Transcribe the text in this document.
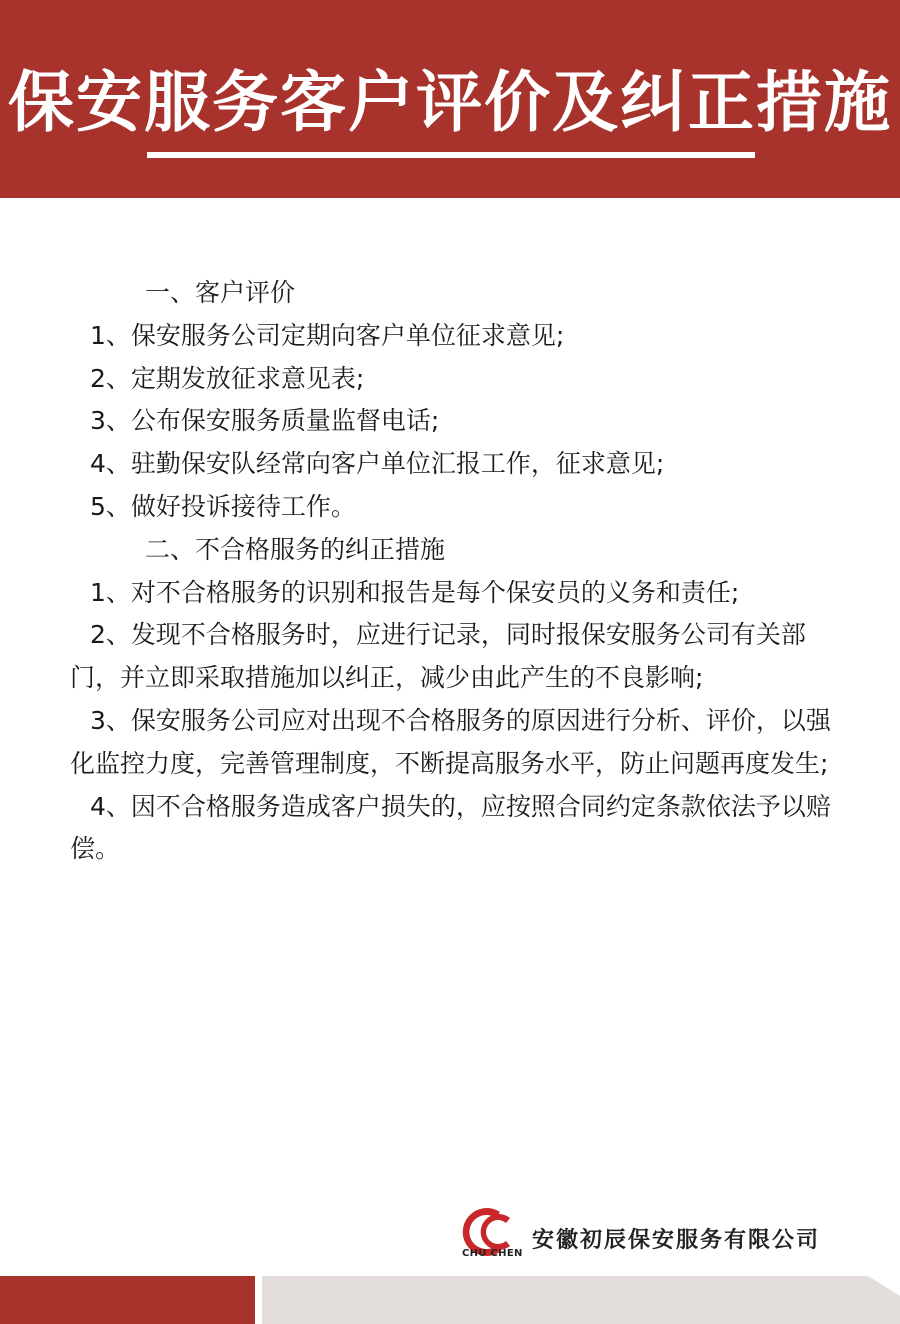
保安服务客户评价及纠正措施

一、客户评价

1、保安服务公司定期向客户单位征求意见;

2、定期发放征求意见表;

3、公布保安服务质量监督电话;

4、驻勤保安队经常向客户单位汇报工作，征求意见;

5、做好投诉接待工作。

二、不合格服务的纠正措施

1、对不合格服务的识别和报告是每个保安员的义务和责任;

2、发现不合格服务时，应进行记录，同时报保安服务公司有关部门，并立即采取措施加以纠正，减少由此产生的不良影响;

3、保安服务公司应对出现不合格服务的原因进行分析、评价，以强化监控力度，完善管理制度，不断提高服务水平，防止问题再度发生;

4、因不合格服务造成客户损失的，应按照合同约定条款依法予以赔偿。

CHU CHEN
安徽初辰保安服务有限公司
